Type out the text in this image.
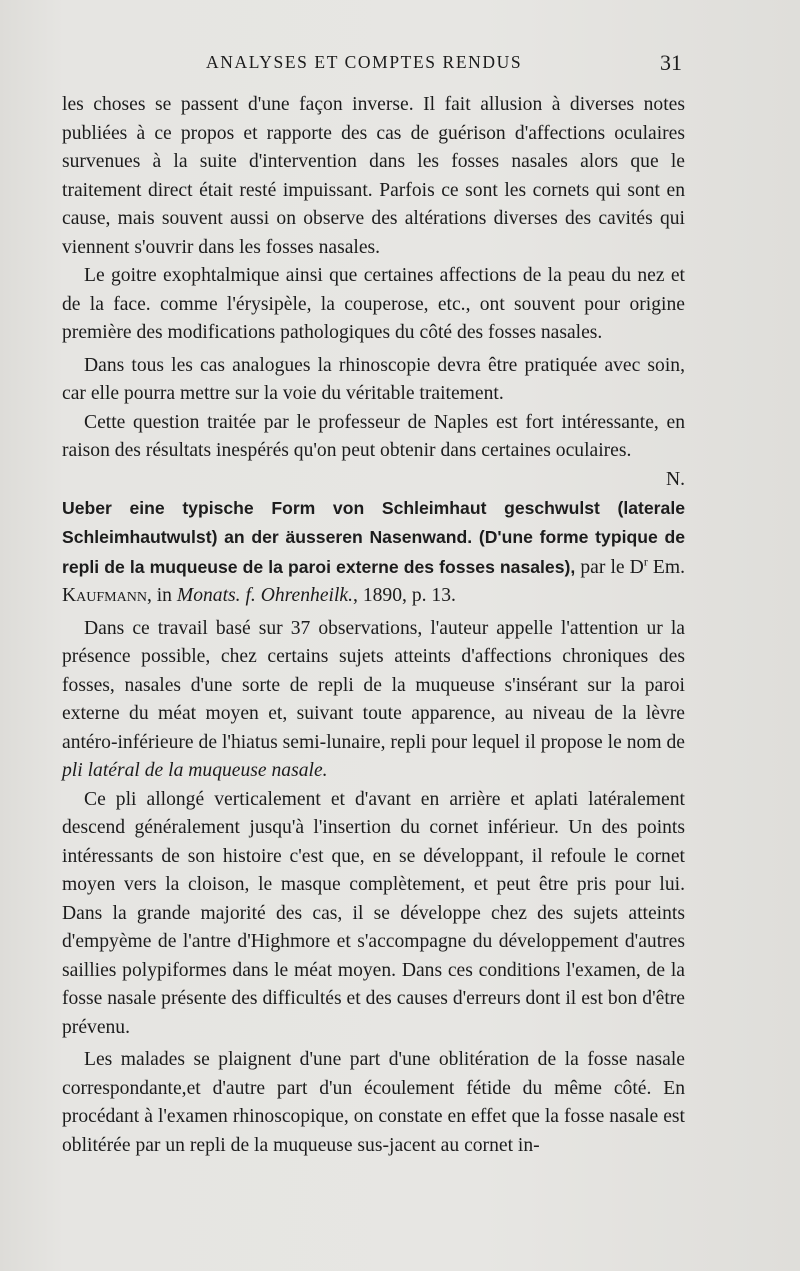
ANALYSES ET COMPTES RENDUS	31

les choses se passent d'une façon inverse. Il fait allusion à diverses notes publiées à ce propos et rapporte des cas de guérison d'affections oculaires survenues à la suite d'intervention dans les fosses nasales alors que le traitement direct était resté impuissant. Parfois ce sont les cornets qui sont en cause, mais souvent aussi on observe des altérations diverses des cavités qui viennent s'ouvrir dans les fosses nasales.

Le goitre exophtalmique ainsi que certaines affections de la peau du nez et de la face. comme l'érysipèle, la couperose, etc., ont souvent pour origine première des modifications pathologiques du côté des fosses nasales.

Dans tous les cas analogues la rhinoscopie devra être pratiquée avec soin, car elle pourra mettre sur la voie du véritable traitement.

Cette question traitée par le professeur de Naples est fort intéressante, en raison des résultats inespérés qu'on peut obtenir dans certaines oculaires.

N.

Ueber eine typische Form von Schleimhaut geschwulst (laterale Schleimhautwulst) an der äusseren Nasenwand. (D'une forme typique de repli de la muqueuse de la paroi externe des fosses nasales), par le $D^r$ Em. Kaufmann, in Monats. f. Ohrenheilk., 1890, p. 13.

Dans ce travail basé sur 37 observations, l'auteur appelle l'attention ur la présence possible, chez certains sujets atteints d'affections chroniques des fosses, nasales d'une sorte de repli de la muqueuse s'insérant sur la paroi externe du méat moyen et, suivant toute apparence, au niveau de la lèvre antéro-inférieure de l'hiatus semi-lunaire, repli pour lequel il propose le nom de pli latéral de la muqueuse nasale.

Ce pli allongé verticalement et d'avant en arrière et aplati latéralement descend généralement jusqu'à l'insertion du cornet inférieur. Un des points intéressants de son histoire c'est que, en se développant, il refoule le cornet moyen vers la cloison, le masque complètement, et peut être pris pour lui. Dans la grande majorité des cas, il se développe chez des sujets atteints d'empyème de l'antre d'Highmore et s'accompagne du développement d'autres saillies polypiformes dans le méat moyen. Dans ces conditions l'examen, de la fosse nasale présente des difficultés et des causes d'erreurs dont il est bon d'être prévenu.

Les malades se plaignent d'une part d'une oblitération de la fosse nasale correspondante,et d'autre part d'un écoulement fétide du même côté. En procédant à l'examen rhinoscopique, on constate en effet que la fosse nasale est oblitérée par un repli de la muqueuse sus-jacent au cornet in-
